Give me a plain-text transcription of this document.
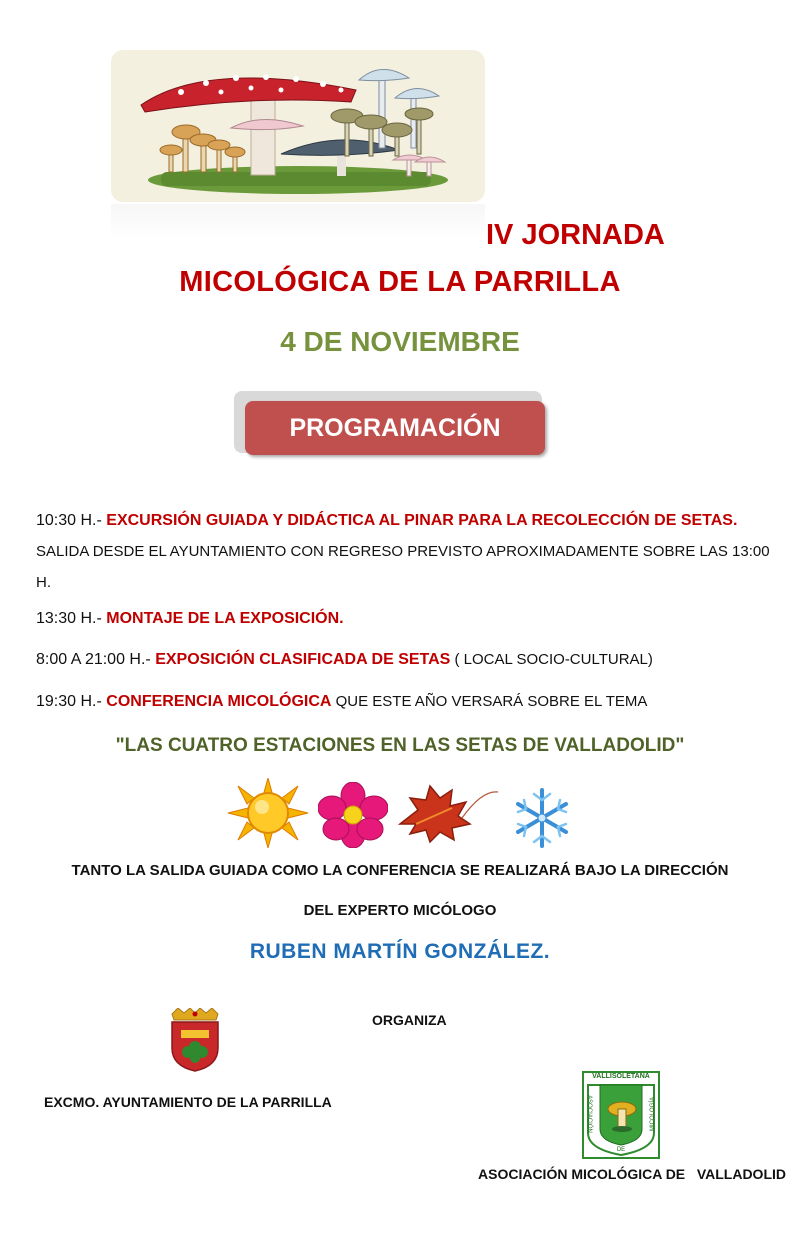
IV JORNADA
MICOLÓGICA DE LA PARRILLA
4 DE NOVIEMBRE
PROGRAMACIÓN
10:30 H.- EXCURSIÓN GUIADA Y DIDÁCTICA AL PINAR PARA LA RECOLECCIÓN DE SETAS. SALIDA DESDE EL AYUNTAMIENTO CON REGRESO PREVISTO APROXIMADAMENTE SOBRE LAS 13:00 H.
13:30 H.- MONTAJE DE LA EXPOSICIÓN.
8:00 A 21:00 H.- EXPOSICIÓN CLASIFICADA DE SETAS ( LOCAL SOCIO-CULTURAL)
19:30 H.- CONFERENCIA MICOLÓGICA QUE ESTE AÑO VERSARÁ SOBRE EL TEMA
"LAS CUATRO ESTACIONES EN LAS SETAS DE VALLADOLID"
TANTO LA SALIDA GUIADA COMO LA CONFERENCIA SE REALIZARÁ BAJO LA DIRECCIÓN
DEL EXPERTO MICÓLOGO
RUBEN MARTÍN GONZÁLEZ.
ORGANIZA
EXCMO. AYUNTAMIENTO DE LA PARRILLA
VALLISOLETANA
ASOCIACIÓN	MICOLOGÍA
DE
ASOCIACIÓN MICOLÓGICA DE   VALLADOLID
